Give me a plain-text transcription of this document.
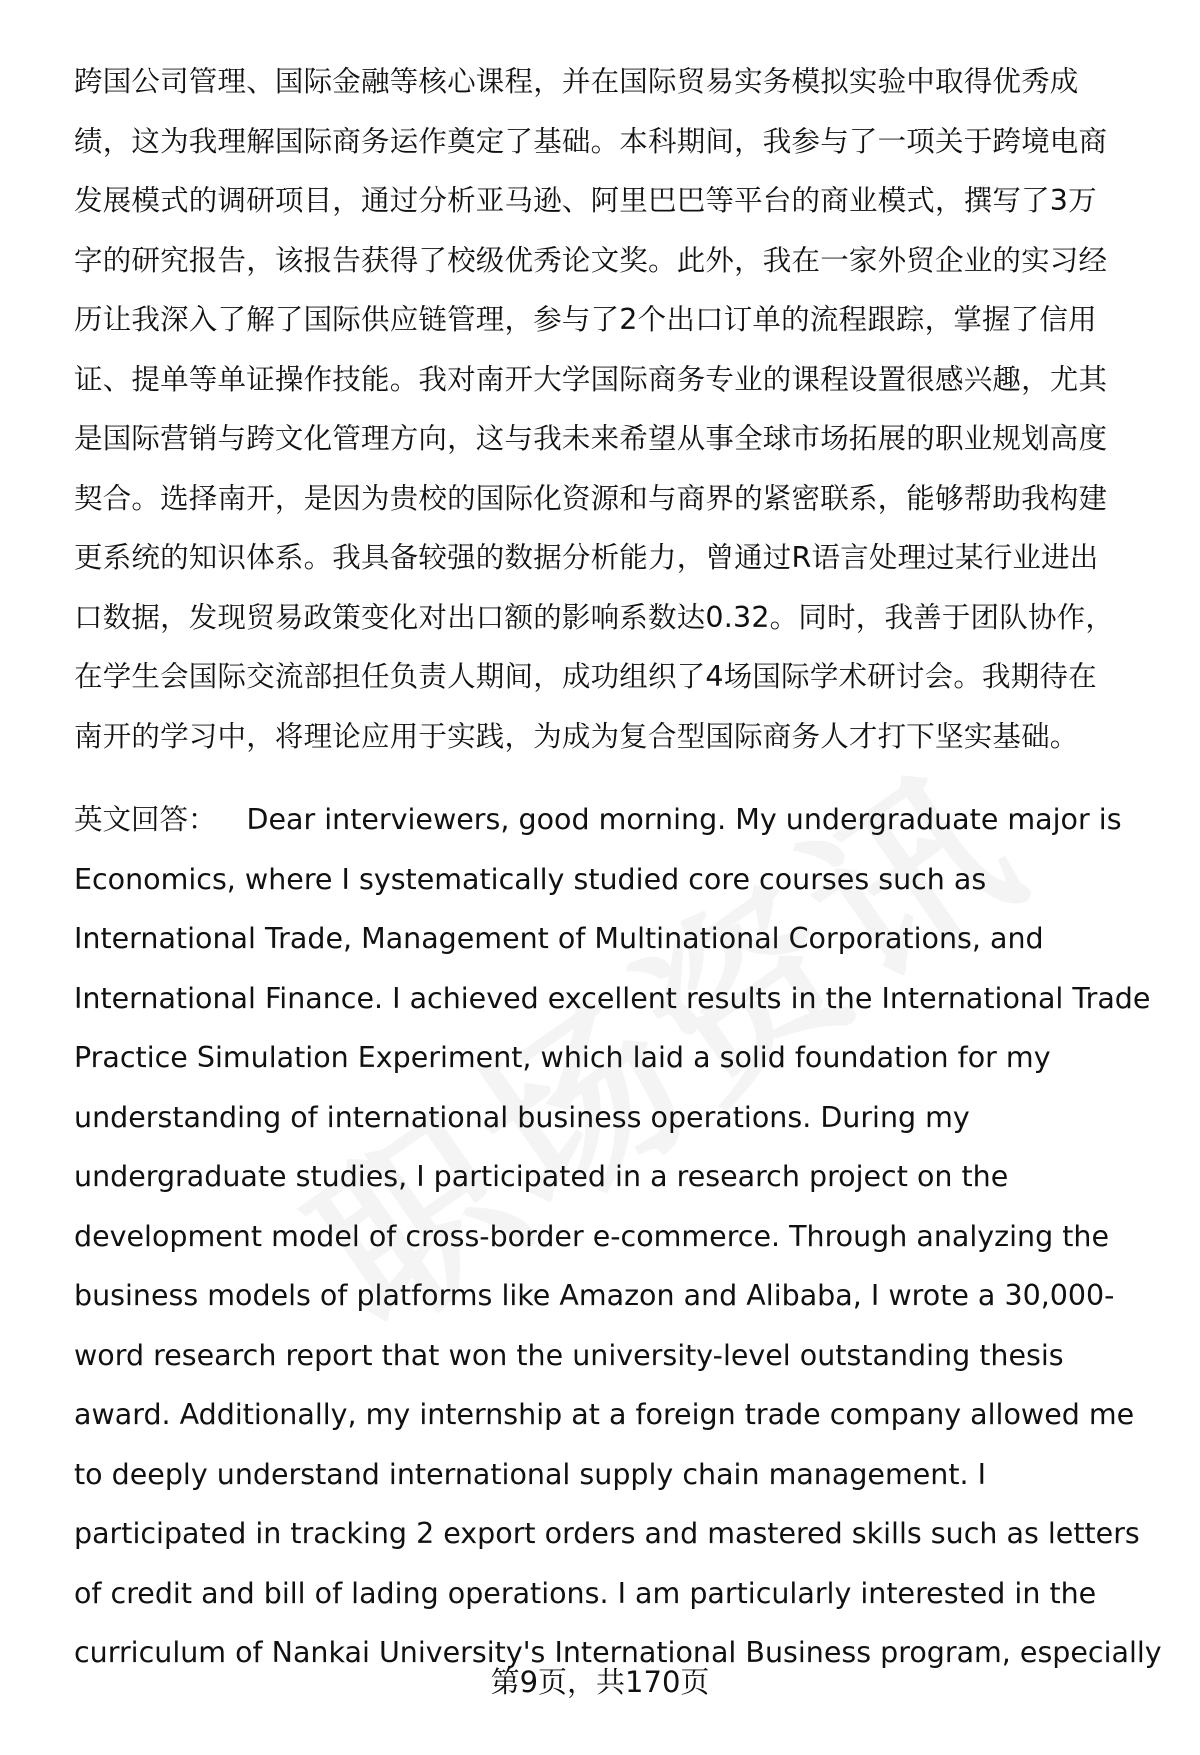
跨国公司管理、国际金融等核心课程，并在国际贸易实务模拟实验中取得优秀成
绩，这为我理解国际商务运作奠定了基础。本科期间，我参与了一项关于跨境电商
发展模式的调研项目，通过分析亚马逊、阿里巴巴等平台的商业模式，撰写了3万
字的研究报告，该报告获得了校级优秀论文奖。此外，我在一家外贸企业的实习经
历让我深入了解了国际供应链管理，参与了2个出口订单的流程跟踪，掌握了信用
证、提单等单证操作技能。我对南开大学国际商务专业的课程设置很感兴趣，尤其
是国际营销与跨文化管理方向，这与我未来希望从事全球市场拓展的职业规划高度
契合。选择南开，是因为贵校的国际化资源和与商界的紧密联系，能够帮助我构建
更系统的知识体系。我具备较强的数据分析能力，曾通过R语言处理过某行业进出
口数据，发现贸易政策变化对出口额的影响系数达0.32。同时，我善于团队协作，
在学生会国际交流部担任负责人期间，成功组织了4场国际学术研讨会。我期待在
南开的学习中，将理论应用于实践，为成为复合型国际商务人才打下坚实基础。

英文回答： Dear interviewers, good morning. My undergraduate major is
Economics, where I systematically studied core courses such as
International Trade, Management of Multinational Corporations, and
International Finance. I achieved excellent results in the International Trade
Practice Simulation Experiment, which laid a solid foundation for my
understanding of international business operations. During my
undergraduate studies, I participated in a research project on the
development model of cross-border e-commerce. Through analyzing the
business models of platforms like Amazon and Alibaba, I wrote a 30,000-
word research report that won the university-level outstanding thesis
award. Additionally, my internship at a foreign trade company allowed me
to deeply understand international supply chain management. I
participated in tracking 2 export orders and mastered skills such as letters
of credit and bill of lading operations. I am particularly interested in the
curriculum of Nankai University's International Business program, especially

第9页，共170页
